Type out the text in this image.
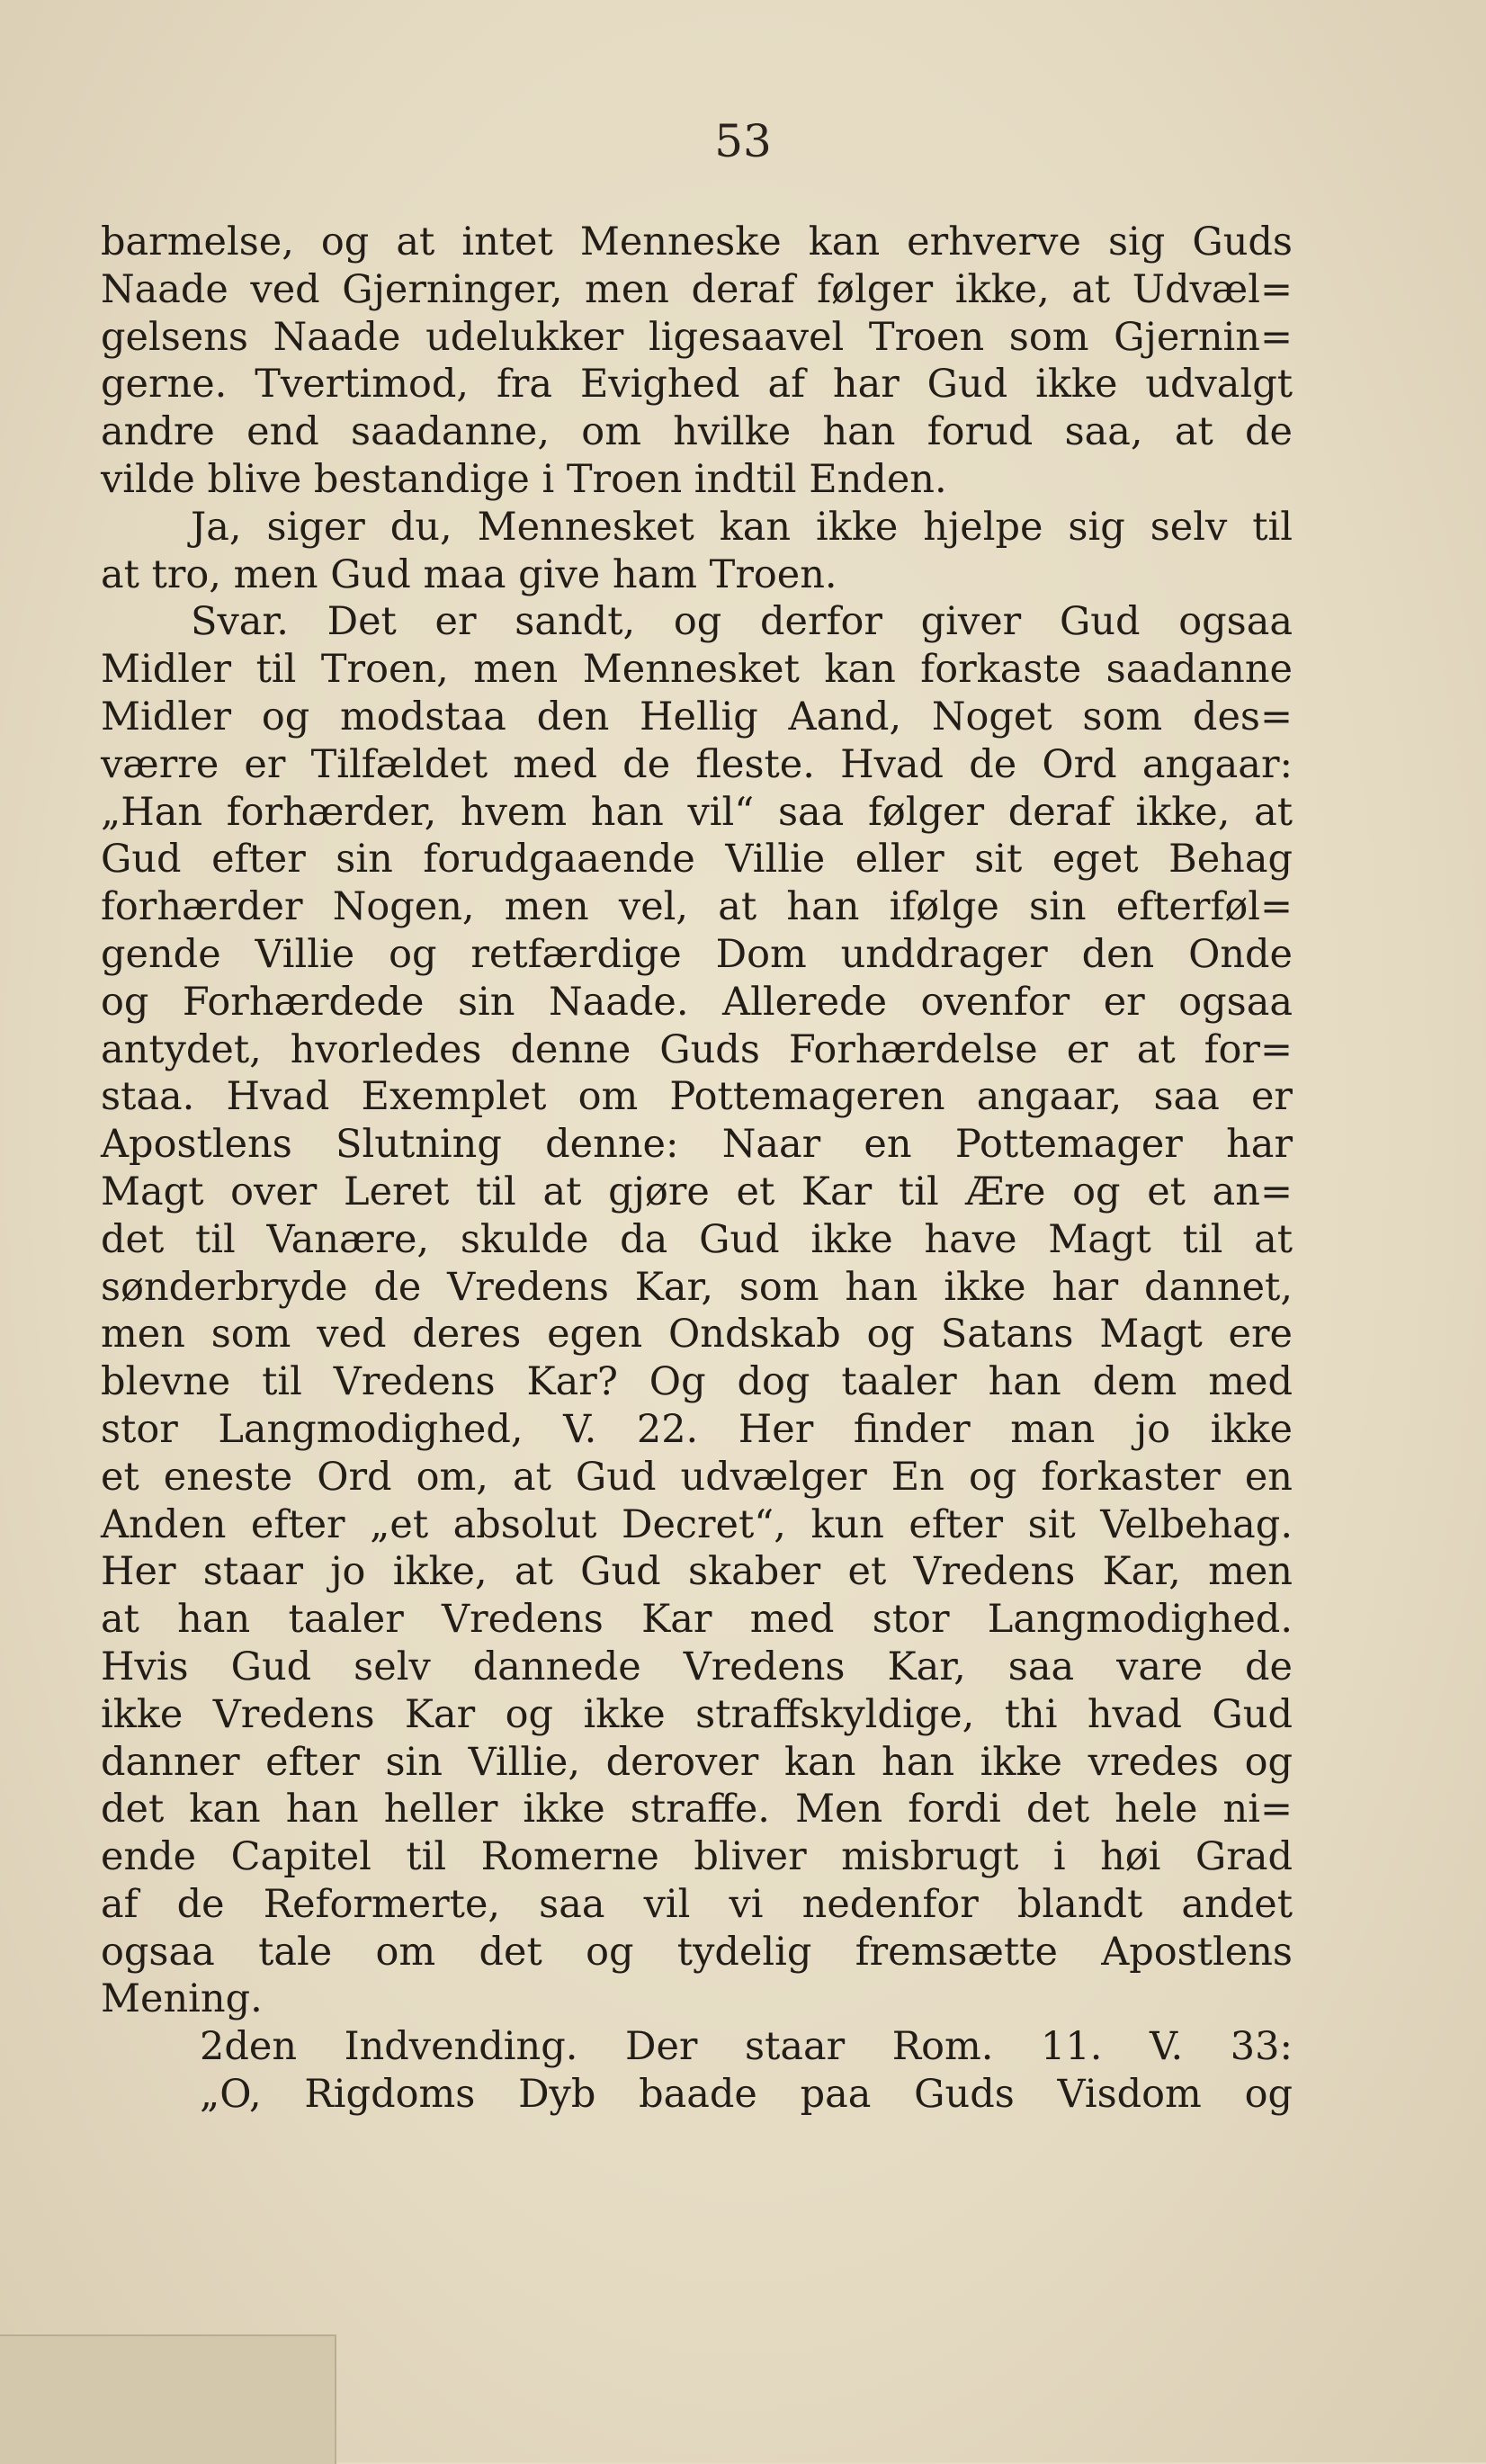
53
barmelse, og at intet Menneske kan erhverve sig Guds
Naade ved Gjerninger, men deraf følger ikke, at Udvæl=
gelsens Naade udelukker ligesaavel Troen som Gjernin=
gerne. Tvertimod, fra Evighed af har Gud ikke udvalgt
andre end saadanne, om hvilke han forud saa, at de
vilde blive bestandige i Troen indtil Enden.
Ja, siger du, Mennesket kan ikke hjelpe sig selv til
at tro, men Gud maa give ham Troen.
Svar. Det er sandt, og derfor giver Gud ogsaa
Midler til Troen, men Mennesket kan forkaste saadanne
Midler og modstaa den Hellig Aand, Noget som des=
værre er Tilfældet med de fleste. Hvad de Ord angaar:
„Han forhærder, hvem han vil“ saa følger deraf ikke, at
Gud efter sin forudgaaende Villie eller sit eget Behag
forhærder Nogen, men vel, at han ifølge sin efterføl=
gende Villie og retfærdige Dom unddrager den Onde
og Forhærdede sin Naade. Allerede ovenfor er ogsaa
antydet, hvorledes denne Guds Forhærdelse er at for=
staa. Hvad Exemplet om Pottemageren angaar, saa er
Apostlens Slutning denne: Naar en Pottemager har
Magt over Leret til at gjøre et Kar til Ære og et an=
det til Vanære, skulde da Gud ikke have Magt til at
sønderbryde de Vredens Kar, som han ikke har dannet,
men som ved deres egen Ondskab og Satans Magt ere
blevne til Vredens Kar? Og dog taaler han dem med
stor Langmodighed, V. 22. Her finder man jo ikke
et eneste Ord om, at Gud udvælger En og forkaster en
Anden efter „et absolut Decret“, kun efter sit Velbehag.
Her staar jo ikke, at Gud skaber et Vredens Kar, men
at han taaler Vredens Kar med stor Langmodighed.
Hvis Gud selv dannede Vredens Kar, saa vare de
ikke Vredens Kar og ikke straffskyldige, thi hvad Gud
danner efter sin Villie, derover kan han ikke vredes og
det kan han heller ikke straffe. Men fordi det hele ni=
ende Capitel til Romerne bliver misbrugt i høi Grad
af de Reformerte, saa vil vi nedenfor blandt andet
ogsaa tale om det og tydelig fremsætte Apostlens
Mening.
2den Indvending. Der staar Rom. 11. V. 33:
„O, Rigdoms Dyb baade paa Guds Visdom og
